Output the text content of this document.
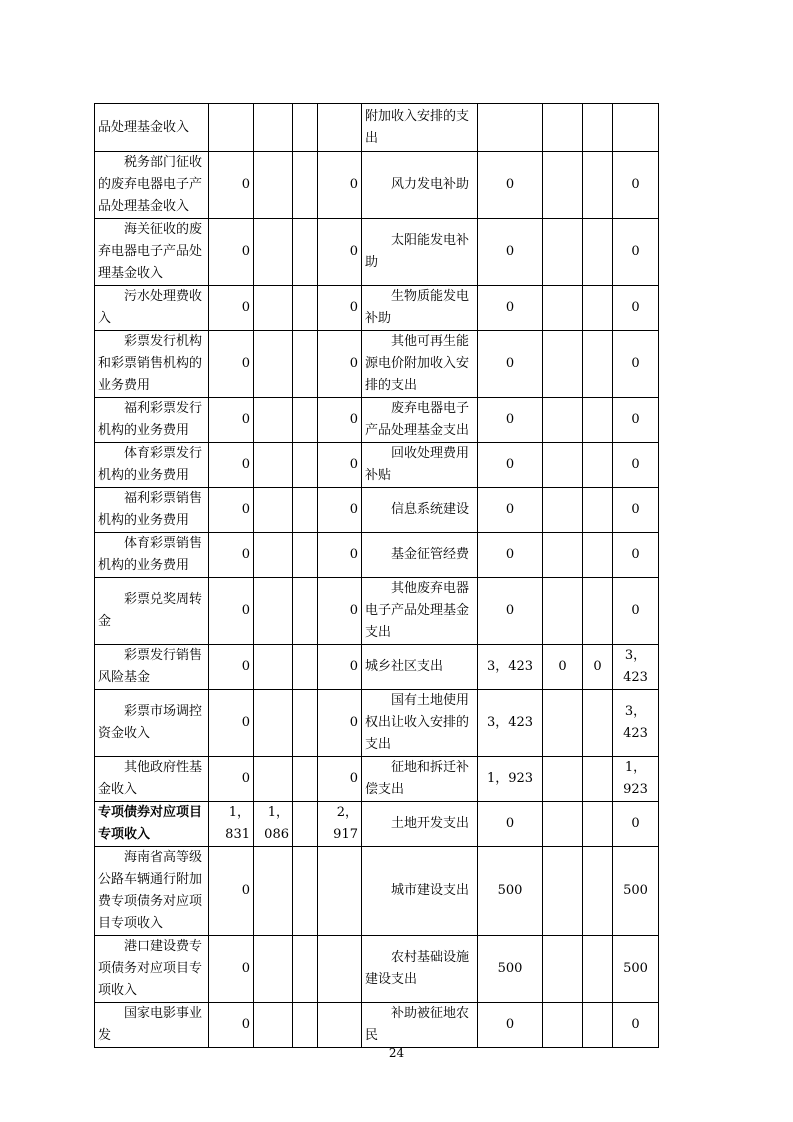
品处理基金收入					附加收入安排的支出				
税务部门征收的废弃电器电子产品处理基金收入	0			0	风力发电补助	0			0
海关征收的废弃电器电子产品处理基金收入	0			0	太阳能发电补助	0			0
污水处理费收入	0			0	生物质能发电补助	0			0
彩票发行机构和彩票销售机构的业务费用	0			0	其他可再生能源电价附加收入安排的支出	0			0
福利彩票发行机构的业务费用	0			0	废弃电器电子产品处理基金支出	0			0
体育彩票发行机构的业务费用	0			0	回收处理费用补贴	0			0
福利彩票销售机构的业务费用	0			0	信息系统建设	0			0
体育彩票销售机构的业务费用	0			0	基金征管经费	0			0
彩票兑奖周转金	0			0	其他废弃电器电子产品处理基金支出	0			0
彩票发行销售风险基金	0			0	城乡社区支出	3，423	0	0	3，423
彩票市场调控资金收入	0			0	国有土地使用权出让收入安排的支出	3，423			3，423
其他政府性基金收入	0			0	征地和拆迁补偿支出	1，923			1，923
专项债券对应项目专项收入	1，831	1，086		2，917	土地开发支出	0			0
海南省高等级公路车辆通行附加费专项债务对应项目专项收入	0				城市建设支出	500			500
港口建设费专项债务对应项目专项收入	0				农村基础设施建设支出	500			500
国家电影事业发	0				补助被征地农民	0			0
24
